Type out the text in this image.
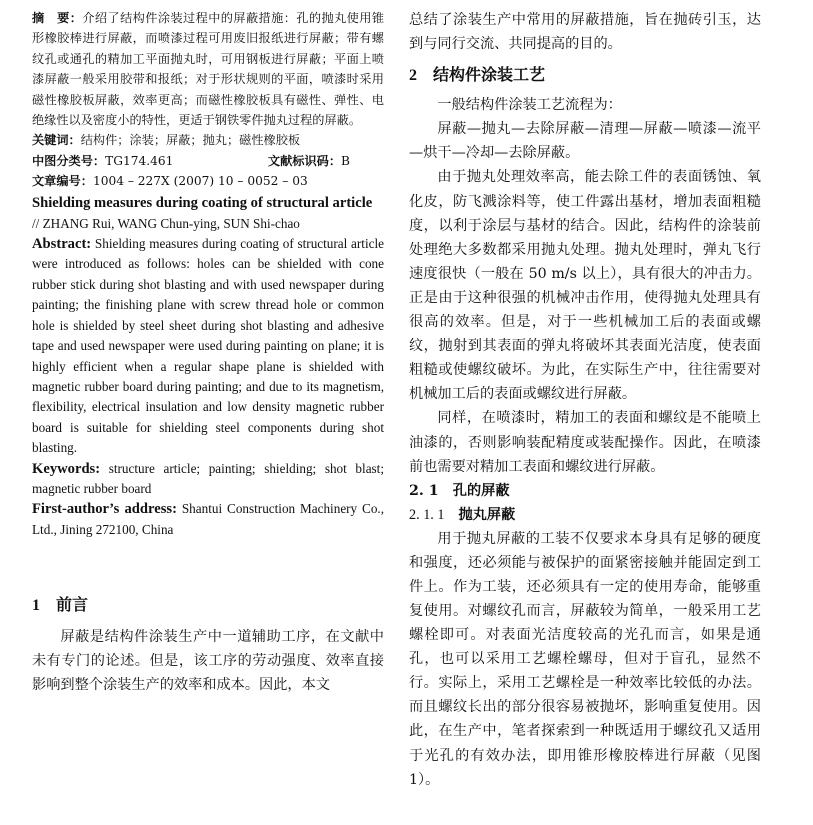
摘　要：介绍了结构件涂装过程中的屏蔽措施：孔的抛丸使用锥形橡胶棒进行屏蔽，而喷漆过程可用废旧报纸进行屏蔽；带有螺纹孔或通孔的精加工平面抛丸时，可用钢板进行屏蔽；平面上喷漆屏蔽一般采用胶带和报纸；对于形状规则的平面，喷漆时采用磁性橡胶板屏蔽，效率更高；而磁性橡胶板具有磁性、弹性、电绝缘性以及密度小的特性，更适于钢铁零件抛丸过程的屏蔽。

关键词：结构件；涂装；屏蔽；抛丸；磁性橡胶板

中图分类号：TG174.461	文献标识码：B

文章编号：1004 – 227X (2007) 10 – 0052 – 03

Shielding measures during coating of structural article

// ZHANG Rui, WANG Chun-ying, SUN Shi-chao

Abstract: Shielding measures during coating of structural article were introduced as follows: holes can be shielded with cone rubber stick during shot blasting and with used newspaper during painting; the finishing plane with screw thread hole or common hole is shielded by steel sheet during shot blasting and adhesive tape and used newspaper were used during painting on plane; it is highly efficient when a regular shape plane is shielded with magnetic rubber board during painting; and due to its magnetism, flexibility, electrical insulation and low density magnetic rubber board is suitable for shielding steel components during shot blasting.

Keywords: structure article; painting; shielding; shot blast; magnetic rubber board

First-author’s address: Shantui Construction Machinery Co., Ltd., Jining 272100, China

1 前言

屏蔽是结构件涂装生产中一道辅助工序，在文献中未有专门的论述。但是，该工序的劳动强度、效率直接影响到整个涂装生产的效率和成本。因此，本文

总结了涂装生产中常用的屏蔽措施，旨在抛砖引玉，达到与同行交流、共同提高的目的。

2 结构件涂装工艺

一般结构件涂装工艺流程为：

屏蔽—抛丸—去除屏蔽—清理—屏蔽—喷漆—流平—烘干—冷却—去除屏蔽。

由于抛丸处理效率高，能去除工件的表面锈蚀、氧化皮，防飞溅涂料等，使工件露出基材，增加表面粗糙度，以利于涂层与基材的结合。因此，结构件的涂装前处理绝大多数都采用抛丸处理。抛丸处理时，弹丸飞行速度很快（一般在 50 m/s 以上），具有很大的冲击力。正是由于这种很强的机械冲击作用，使得抛丸处理具有很高的效率。但是，对于一些机械加工后的表面或螺纹，抛射到其表面的弹丸将破坏其表面光洁度，使表面粗糙或使螺纹破坏。为此，在实际生产中，往往需要对机械加工后的表面或螺纹进行屏蔽。

同样，在喷漆时，精加工的表面和螺纹是不能喷上油漆的，否则影响装配精度或装配操作。因此，在喷漆前也需要对精加工表面和螺纹进行屏蔽。

2. 1　孔的屏蔽

2. 1. 1 抛丸屏蔽

用于抛丸屏蔽的工装不仅要求本身具有足够的硬度和强度，还必须能与被保护的面紧密接触并能固定到工件上。作为工装，还必须具有一定的使用寿命，能够重复使用。对螺纹孔而言，屏蔽较为简单，一般采用工艺螺栓即可。对表面光洁度较高的光孔而言，如果是通孔，也可以采用工艺螺栓螺母，但对于盲孔，显然不行。实际上，采用工艺螺栓是一种效率比较低的办法。而且螺纹长出的部分很容易被抛坏，影响重复使用。因此，在生产中，笔者探索到一种既适用于螺纹孔又适用于光孔的有效办法，即用锥形橡胶棒进行屏蔽（见图 1）。
